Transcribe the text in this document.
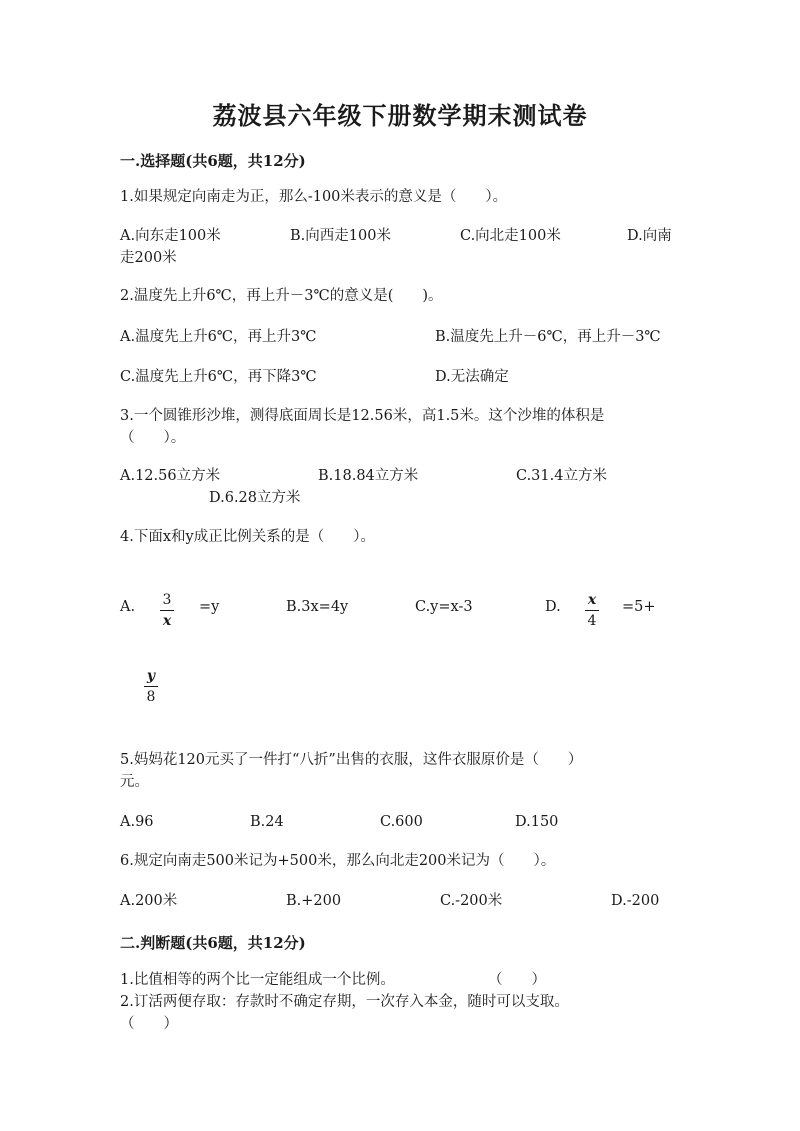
荔波县六年级下册数学期末测试卷
一.选择题(共6题，共12分)
1.如果规定向南走为正，那么-100米表示的意义是（　　）。
A.向东走100米	B.向西走100米	C.向北走100米	D.向南
走200米
2.温度先上升6℃，再上升－3℃的意义是(　　)。
A.温度先上升6℃，再上升3℃	B.温度先上升－6℃，再上升－3℃
C.温度先上升6℃，再下降3℃	D.无法确定
3.一个圆锥形沙堆，测得底面周长是12.56米，高1.5米。这个沙堆的体积是
（　　）。
A.12.56立方米	B.18.84立方米	C.31.4立方米
D.6.28立方米
4.下面x和y成正比例关系的是（　　）。
A. 3
x
=y	B.3x=4y	C.y=x-3	D. x
4
=5+
y
8
5.妈妈花120元买了一件打“八折”出售的衣服，这件衣服原价是（　　）
元。
A.96	B.24	C.600	D.150
6.规定向南走500米记为+500米，那么向北走200米记为（　　）。
A.200米	B.+200	C.-200米	D.-200
二.判断题(共6题，共12分)
1.比值相等的两个比一定能组成一个比例。	（　　）
2.订活两便存取：存款时不确定存期，一次存入本金，随时可以支取。
（　　）
